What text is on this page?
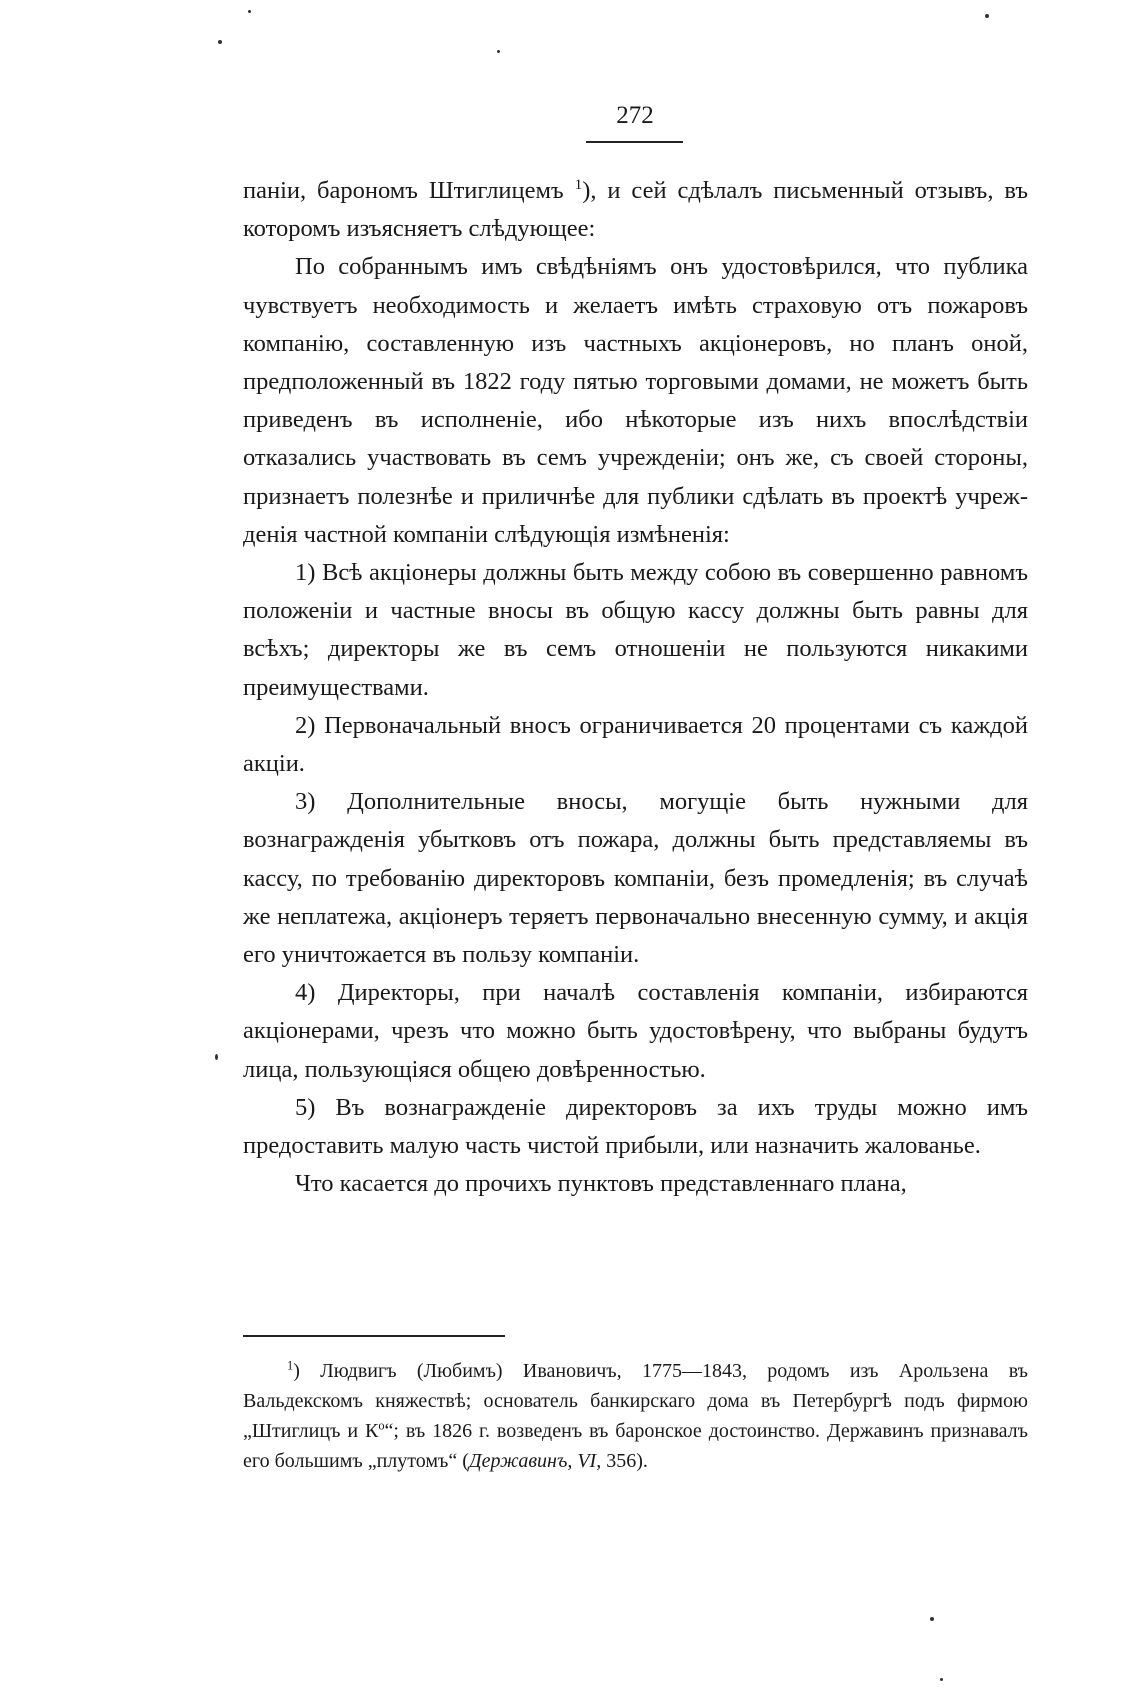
272

паніи, барономъ Штиглицемъ $^1$), и сей сдѣлалъ письменный отзывъ, въ которомъ изъясняетъ слѣдующее:

По собраннымъ имъ свѣдѣніямъ онъ удостовѣрился, что публика чувствуетъ необходимость и желаетъ имѣть страховую отъ пожаровъ компанію, составленную изъ частныхъ акціонеровъ, но планъ оной, предположенный въ 1822 году пятью торговыми домами, не можетъ быть приведенъ въ исполненіе, ибо нѣкоторые изъ нихъ впослѣдствіи отказались участвовать въ семъ учрежденіи; онъ же, съ своей стороны, признаетъ полезнѣе и приличнѣе для публики сдѣлать въ проектѣ учрежденія частной компаніи слѣдующія измѣненія:

1) Всѣ акціонеры должны быть между собою въ совершенно равномъ положеніи и частные вносы въ общую кассу должны быть равны для всѣхъ; директоры же въ семъ отношеніи не пользуются никакими преимуществами.

2) Первоначальный вносъ ограничивается 20 процентами съ каждой акціи.

3) Дополнительные вносы, могущіе быть нужными для вознагражденія убытковъ отъ пожара, должны быть представляемы въ кассу, по требованію директоровъ компаніи, безъ промедленія; въ случаѣ же неплатежа, акціонеръ теряетъ первоначально внесенную сумму, и акція его уничтожается въ пользу компаніи.

4) Директоры, при началѣ составленія компаніи, избираются акціонерами, чрезъ что можно быть удостовѣрену, что выбраны будутъ лица, пользующіяся общею довѣренностью.

5) Въ вознагражденіе директоровъ за ихъ труды можно имъ предоставить малую часть чистой прибыли, или назначить жалованье.

Что касается до прочихъ пунктовъ представленнаго плана,

$^1$) Людвигъ (Любимъ) Ивановичъ, 1775—1843, родомъ изъ Арользена въ Вальдекскомъ княжествѣ; основатель банкирскаго дома въ Петербургѣ подъ фирмою „Штиглицъ и $К^о“$; въ 1826 г. возведенъ въ баронское достоинство. Державинъ признавалъ его большимъ „плутомъ“ (Державинъ, VI, 356).
